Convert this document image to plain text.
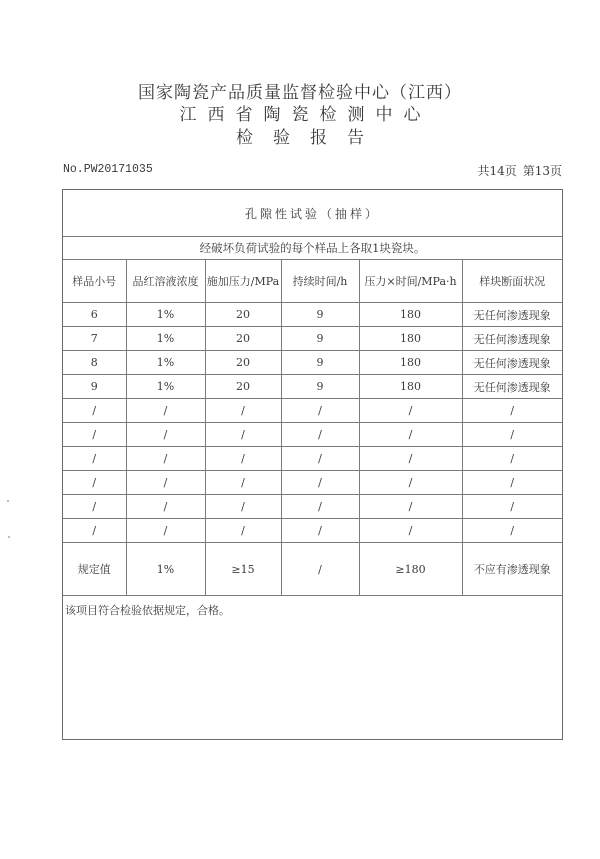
国家陶瓷产品质量监督检验中心（江西）
江西省陶瓷检测中心
检验报告
No.PW20171035	共14页 第13页
孔隙性试验（抽样）					
经破坏负荷试验的每个样品上各取1块瓷块。					
样品小号	品红溶液浓度	施加压力/MPa	持续时间/h	压力×时间/MPa·h	样块断面状况
6	1%	20	9	180	无任何渗透现象
7	1%	20	9	180	无任何渗透现象
8	1%	20	9	180	无任何渗透现象
9	1%	20	9	180	无任何渗透现象
/	/	/	/	/	/
/	/	/	/	/	/
/	/	/	/	/	/
/	/	/	/	/	/
/	/	/	/	/	/
/	/	/	/	/	/
规定值	1%	≥15	/	≥180	不应有渗透现象
该项目符合检验依据规定，合格。
